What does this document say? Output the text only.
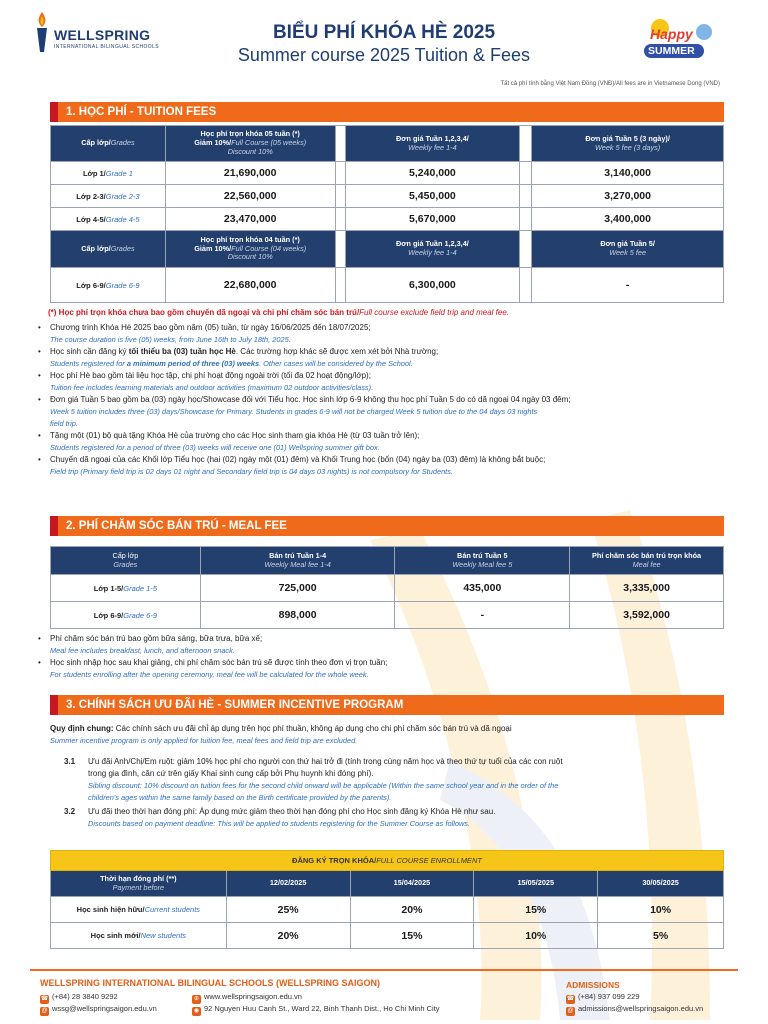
WELLSPRING
INTERNATIONAL BILINGUAL SCHOOLS
BIỂU PHÍ KHÓA HÈ 2025
Summer course 2025 Tuition & Fees
Happy
SUMMER
Tất cả phí tính bằng Việt Nam Đồng (VNĐ)/All fees are in Vietnamese Dong (VND)
1. HỌC PHÍ - TUITION FEES
Cấp lớp/Grades	Học phí trọn khóa 05 tuần (*)
Giảm 10%/Full Course (05 weeks)
Discount 10%		Đơn giá Tuần 1,2,3,4/
Weekly fee 1-4		Đơn giá Tuần 5 (3 ngày)/
Week 5 fee (3 days)
Lớp 1/Grade 1	21,690,000		5,240,000		3,140,000
Lớp 2-3/Grade 2-3	22,560,000		5,450,000		3,270,000
Lớp 4-5/Grade 4-5	23,470,000		5,670,000		3,400,000
Cấp lớp/Grades	Học phí trọn khóa 04 tuần (*)
Giảm 10%/Full Course (04 weeks)
Discount 10%		Đơn giá Tuần 1,2,3,4/
Weekly fee 1-4		Đơn giá Tuần 5/
Week 5 fee
Lớp 6-9/Grade 6-9	22,680,000		6,300,000		-
(*) Học phí trọn khóa chưa bao gồm chuyến dã ngoại và chi phí chăm sóc bán trú/Full course exclude field trip and meal fee.
• Chương trình Khóa Hè 2025 bao gồm năm (05) tuần, từ ngày 16/06/2025 đến 18/07/2025;
The course duration is five (05) weeks, from June 16th to July 18th, 2025.
• Học sinh cần đăng ký tối thiểu ba (03) tuần học Hè. Các trường hợp khác sẽ được xem xét bởi Nhà trường;
Students registered for a minimum period of three (03) weeks. Other cases will be considered by the School.
• Học phí Hè bao gồm tài liệu học tập, chi phí hoạt động ngoài trời (tối đa 02 hoạt động/lớp);
Tuition fee includes learning materials and outdoor activities (maximum 02 outdoor activities/class).
• Đơn giá Tuần 5 bao gồm ba (03) ngày học/Showcase đối với Tiểu học. Học sinh lớp 6-9 không thu học phí Tuần 5 do có dã ngoại 04 ngày 03 đêm;
Week 5 tuition includes three (03) days/Showcase for Primary. Students in grades 6-9 will not be charged Week 5 tuition due to the 04 days 03 nights
field trip.
• Tặng một (01) bộ quà tặng Khóa Hè của trường cho các Học sinh tham gia khóa Hè (từ 03 tuần trở lên);
Students registered for a period of three (03) weeks will receive one (01) Wellspring summer gift box.
• Chuyến dã ngoại của các Khối lớp Tiểu học (hai (02) ngày một (01) đêm) và Khối Trung học (bốn (04) ngày ba (03) đêm) là không bắt buộc;
Field trip (Primary field trip is 02 days 01 night and Secondary field trip is 04 days 03 nights) is not compulsory for Students.
2. PHÍ CHĂM SÓC BÁN TRÚ - MEAL FEE
Cấp lớp
Grades	Bán trú Tuần 1-4
Weekly Meal fee 1-4	Bán trú Tuần 5
Weekly Meal fee 5	Phí chăm sóc bán trú trọn khóa
Meal fee
Lớp 1-5/Grade 1-5	725,000	435,000	3,335,000
Lớp 6-9/Grade 6-9	898,000	-	3,592,000
• Phí chăm sóc bán trú bao gồm bữa sáng, bữa trưa, bữa xế;
Meal fee includes breakfast, lunch, and afternoon snack.
• Học sinh nhập học sau khai giảng, chi phí chăm sóc bán trú sẽ được tính theo đơn vị trọn tuần;
For students enrolling after the opening ceremony, meal fee will be calculated for the whole week.
3. CHÍNH SÁCH ƯU ĐÃI HÈ - SUMMER INCENTIVE PROGRAM
Quy định chung: Các chính sách ưu đãi chỉ áp dụng trên học phí thuần, không áp dụng cho chi phí chăm sóc bán trú và dã ngoại
Summer incentive program is only applied for tuition fee, meal fees and field trip are excluded.
3.1	Ưu đãi Anh/Chị/Em ruột: giảm 10% học phí cho người con thứ hai trở đi (tính trong cùng năm học và theo thứ tự tuổi của các con ruột
trong gia đình, căn cứ trên giấy Khai sinh cung cấp bởi Phụ huynh khi đóng phí).
Sibling discount: 10% discount on tuition fees for the second child onward will be applicable (Within the same school year and in the order of the
children's ages within the same family based on the Birth certificate provided by the parents).
3.2	Ưu đãi theo thời hạn đóng phí: Áp dụng mức giảm theo thời hạn đóng phí cho Học sinh đăng ký Khóa Hè như sau.
Discounts based on payment deadline: This will be applied to students registering for the Summer Course as follows.
ĐĂNG KÝ TRỌN KHÓA/FULL COURSE ENROLLMENT				
Thời hạn đóng phí (**)
Payment before	12/02/2025	15/04/2025	15/05/2025	30/05/2025
Học sinh hiện hữu/Current students	25%	20%	15%	10%
Học sinh mới/New students	20%	15%	10%	5%
WELLSPRING INTERNATIONAL BILINGUAL SCHOOLS (WELLSPRING SAIGON)
☎ (+84) 28 3840 9292
@ wssg@wellspringsaigon.edu.vn
⊕ www.wellspringsaigon.edu.vn
◉ 92 Nguyen Huu Canh St., Ward 22, Binh Thanh Dist., Ho Chi Minh City
ADMISSIONS
☎ (+84) 937 099 229
@ admissions@wellspringsaigon.edu.vn
